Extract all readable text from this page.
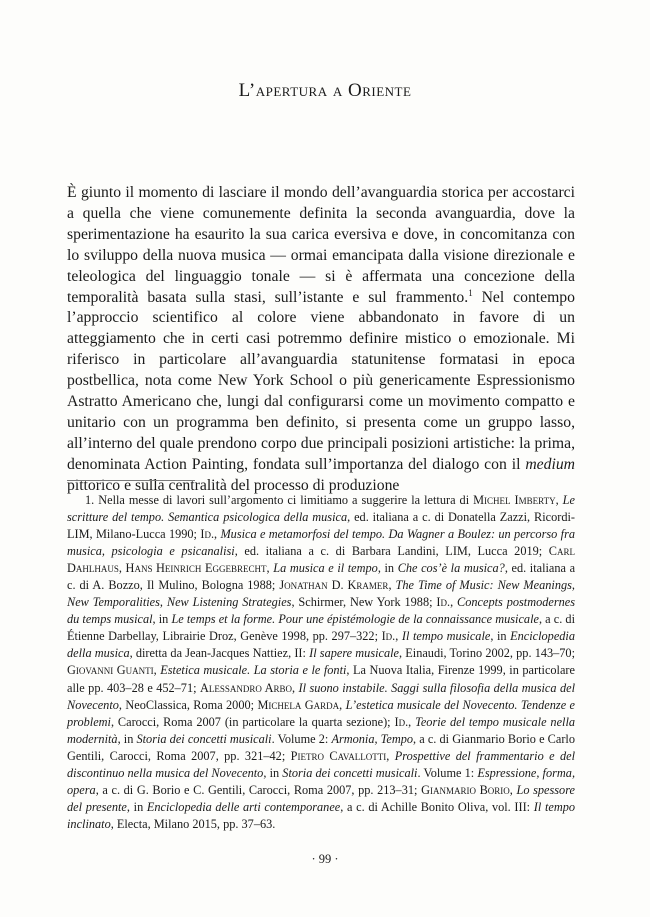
L’apertura a Oriente

È giunto il momento di lasciare il mondo dell’avanguardia storica per accostarci a quella che viene comunemente definita la seconda avanguardia, dove la sperimentazione ha esaurito la sua carica eversiva e dove, in concomitanza con lo sviluppo della nuova musica — ormai emancipata dalla visione direzionale e teleologica del linguaggio tonale — si è affermata una concezione della temporalità basata sulla stasi, sull’istante e sul frammento.$^1$ Nel contempo l’approccio scientifico al colore viene abbandonato in favore di un atteggiamento che in certi casi potremmo definire mistico o emozionale. Mi riferisco in particolare all’avanguardia statunitense formatasi in epoca postbellica, nota come New York School o più genericamente Espressionismo Astratto Americano che, lungi dal configurarsi come un movimento compatto e unitario con un programma ben definito, si presenta come un gruppo lasso, all’interno del quale prendono corpo due principali posizioni artistiche: la prima, denominata Action Painting, fondata sull’importanza del dialogo con il medium pittorico e sulla centralità del processo di produzione

1. Nella messe di lavori sull’argomento ci limitiamo a suggerire la lettura di Michel Imberty, Le scritture del tempo. Semantica psicologica della musica, ed. italiana a c. di Donatella Zazzi, Ricordi-LIM, Milano-Lucca 1990; Id., Musica e metamorfosi del tempo. Da Wagner a Boulez: un percorso fra musica, psicologia e psicanalisi, ed. italiana a c. di Barbara Landini, LIM, Lucca 2019; Carl Dahlhaus, Hans Heinrich Eggebrecht, La musica e il tempo, in Che cos’è la musica?, ed. italiana a c. di A. Bozzo, Il Mulino, Bologna 1988; Jonathan D. Kramer, The Time of Music: New Meanings, New Temporalities, New Listening Strategies, Schirmer, New York 1988; Id., Concepts postmodernes du temps musical, in Le temps et la forme. Pour une épistémologie de la connaissance musicale, a c. di Étienne Darbellay, Librairie Droz, Genève 1998, pp. 297–322; Id., Il tempo musicale, in Enciclopedia della musica, diretta da Jean-Jacques Nattiez, II: Il sapere musicale, Einaudi, Torino 2002, pp. 143–70; Giovanni Guanti, Estetica musicale. La storia e le fonti, La Nuova Italia, Firenze 1999, in particolare alle pp. 403–28 e 452–71; Alessandro Arbo, Il suono instabile. Saggi sulla filosofia della musica del Novecento, NeoClassica, Roma 2000; Michela Garda, L’estetica musicale del Novecento. Tendenze e problemi, Carocci, Roma 2007 (in particolare la quarta sezione); Id., Teorie del tempo musicale nella modernità, in Storia dei concetti musicali. Volume 2: Armonia, Tempo, a c. di Gianmario Borio e Carlo Gentili, Carocci, Roma 2007, pp. 321–42; Pietro Cavallotti, Prospettive del frammentario e del discontinuo nella musica del Novecento, in Storia dei concetti musicali. Volume 1: Espressione, forma, opera, a c. di G. Borio e C. Gentili, Carocci, Roma 2007, pp. 213–31; Gianmario Borio, Lo spessore del presente, in Enciclopedia delle arti contemporanee, a c. di Achille Bonito Oliva, vol. III: Il tempo inclinato, Electa, Milano 2015, pp. 37–63.

· 99 ·
